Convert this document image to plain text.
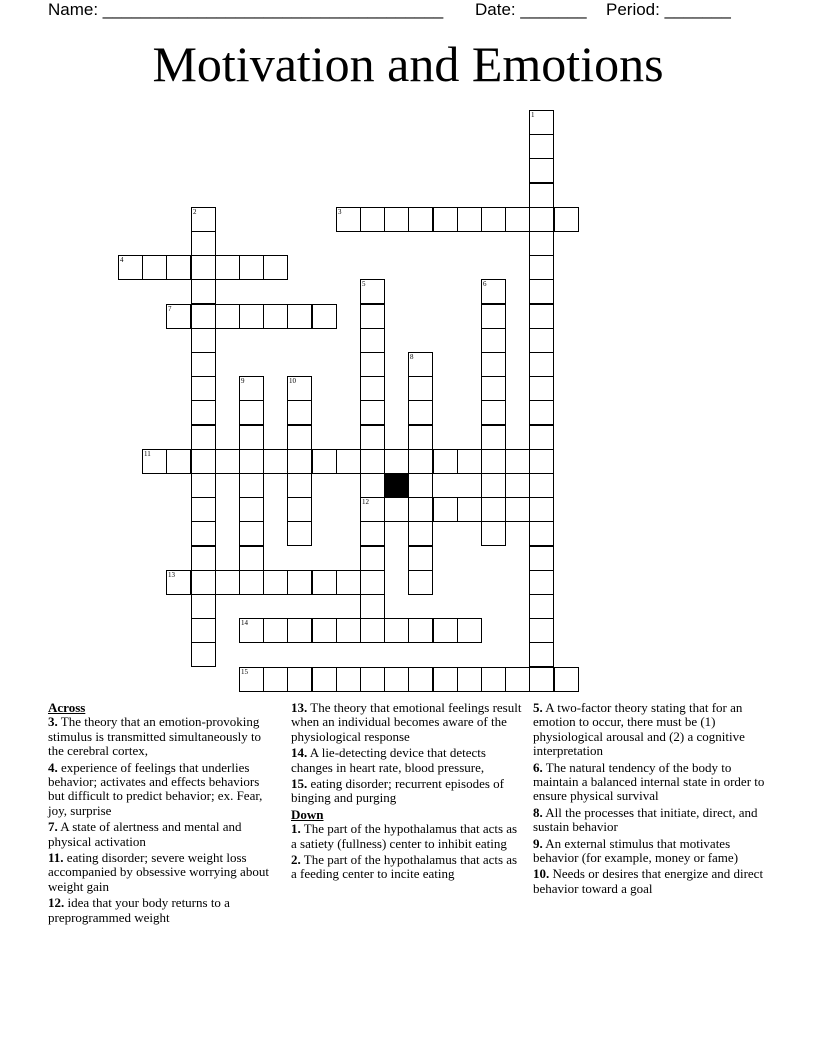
Name: ____________________________________ Date: _______ Period: _______
Motivation and Emotions
1
2	3
4
5
12
6
7
8
9	10
11
13
14
15

Across

3. The theory that an emotion-provoking stimulus is transmitted simultaneously to the cerebral cortex,

4. experience of feelings that underlies behavior; activates and effects behaviors but difficult to predict behavior; ex. Fear, joy, surprise

7. A state of alertness and mental and physical activation

11. eating disorder; severe weight loss accompanied by obsessive worrying about weight gain

12. idea that your body returns to a preprogrammed weight

13. The theory that emotional feelings result when an individual becomes aware of the physiological response

14. A lie-detecting device that detects changes in heart rate, blood pressure,

15. eating disorder; recurrent episodes of binging and purging

Down

1. The part of the hypothalamus that acts as a satiety (fullness) center to inhibit eating

2. The part of the hypothalamus that acts as a feeding center to incite eating

5. A two-factor theory stating that for an emotion to occur, there must be (1) physiological arousal and (2) a cognitive interpretation

6. The natural tendency of the body to maintain a balanced internal state in order to ensure physical survival

8. All the processes that initiate, direct, and sustain behavior

9. An external stimulus that motivates behavior (for example, money or fame)

10. Needs or desires that energize and direct behavior toward a goal
